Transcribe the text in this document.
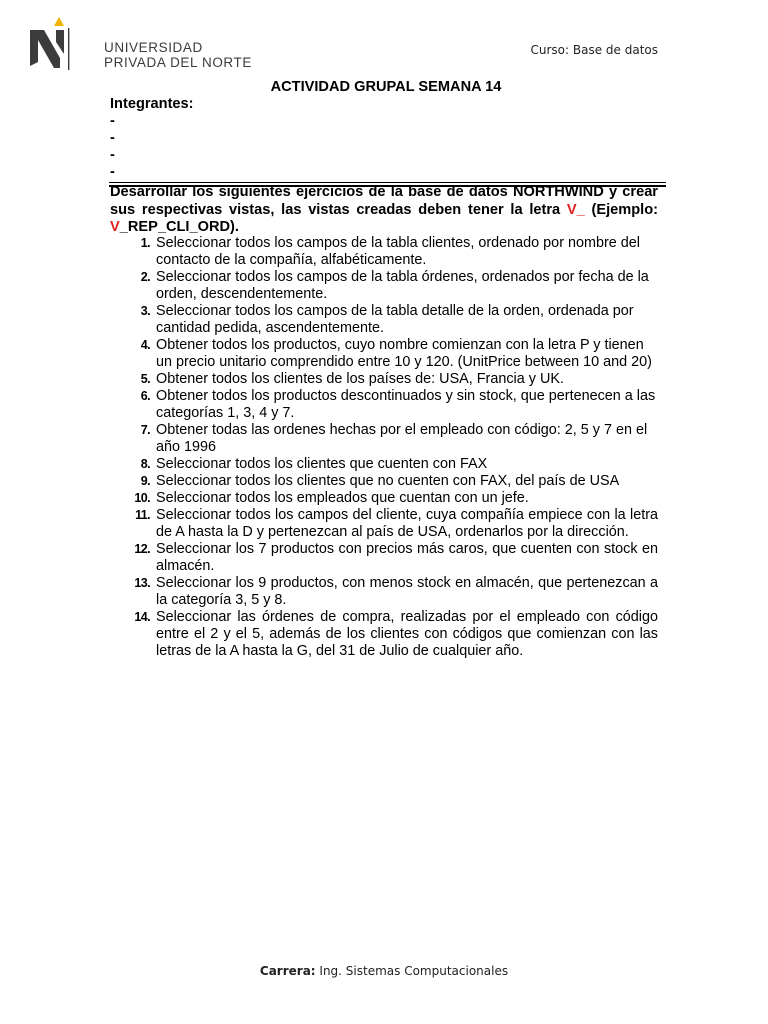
UNIVERSIDAD
PRIVADA DEL NORTE
Curso: Base de datos
ACTIVIDAD GRUPAL SEMANA 14
Integrantes:
-
-
-
-
Desarrollar los siguientes ejercicios de la base de datos NORTHWIND y crear sus respectivas vistas, las vistas creadas deben tener la letra V_ (Ejemplo: V_REP_CLI_ORD).
1. Seleccionar todos los campos de la tabla clientes, ordenado por nombre del contacto de la compañía, alfabéticamente.
2. Seleccionar todos los campos de la tabla órdenes, ordenados por fecha de la orden, descendentemente.
3. Seleccionar todos los campos de la tabla detalle de la orden, ordenada por cantidad pedida, ascendentemente.
4. Obtener todos los productos, cuyo nombre comienzan con la letra P y tienen un precio unitario comprendido entre 10 y 120. (UnitPrice between 10 and 20)
5. Obtener todos los clientes de los países de: USA, Francia y UK.
6. Obtener todos los productos descontinuados y sin stock, que pertenecen a las categorías 1, 3, 4 y 7.
7. Obtener todas las ordenes hechas por el empleado con código: 2, 5 y 7 en el año 1996
8. Seleccionar todos los clientes que cuenten con FAX
9. Seleccionar todos los clientes que no cuenten con FAX, del país de USA
10. Seleccionar todos los empleados que cuentan con un jefe.
11. Seleccionar todos los campos del cliente, cuya compañía empiece con la letra de A hasta la D y pertenezcan al país de USA, ordenarlos por la dirección.
12. Seleccionar los 7 productos con precios más caros, que cuenten con stock en almacén.
13. Seleccionar los 9 productos, con menos stock en almacén, que pertenezcan a la categoría 3, 5 y 8.
14. Seleccionar las órdenes de compra, realizadas por el empleado con código entre el 2 y el 5, además de los clientes con códigos que comienzan con las letras de la A hasta la G, del 31 de Julio de cualquier año.
Carrera: Ing. Sistemas Computacionales
